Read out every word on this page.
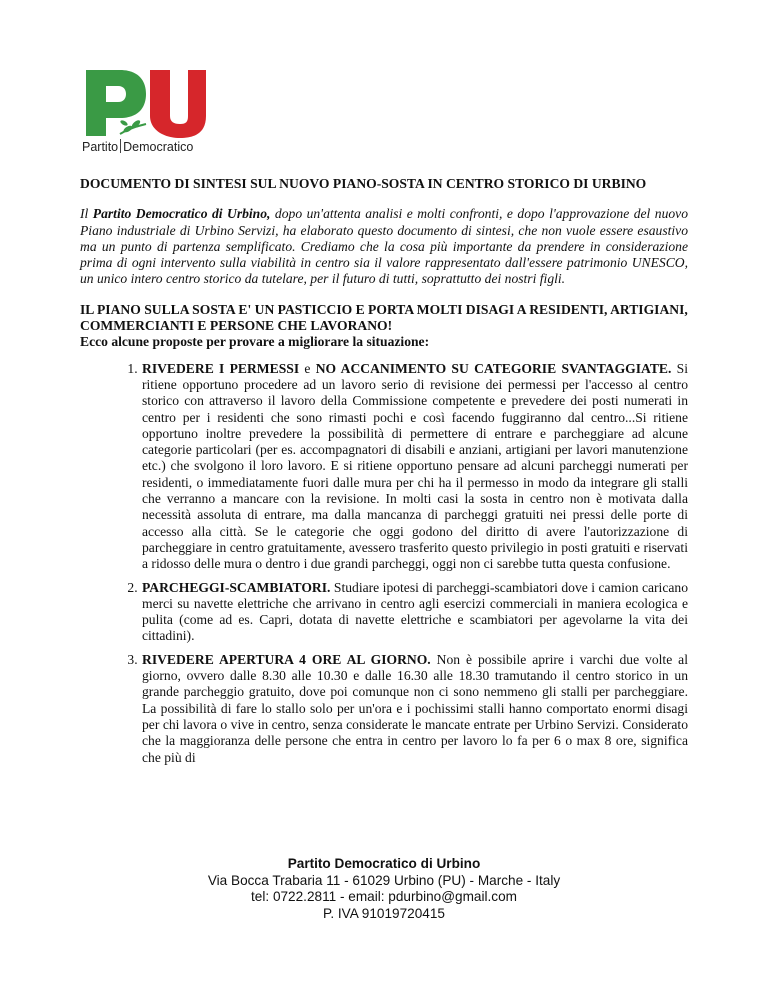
Partito Democratico

DOCUMENTO DI SINTESI SUL NUOVO PIANO-SOSTA IN CENTRO STORICO DI URBINO

Il Partito Democratico di Urbino, dopo un'attenta analisi e molti confronti, e dopo l'approvazione del nuovo Piano industriale di Urbino Servizi, ha elaborato questo documento di sintesi, che non vuole essere esaustivo ma un punto di partenza semplificato. Crediamo che la cosa più importante da prendere in considerazione prima di ogni intervento sulla viabilità in centro sia il valore rappresentato dall'essere patrimonio UNESCO, un unico intero centro storico da tutelare, per il futuro di tutti, soprattutto dei nostri figli.

IL PIANO SULLA SOSTA E' UN PASTICCIO E PORTA MOLTI DISAGI A RESIDENTI, ARTIGIANI, COMMERCIANTI E PERSONE CHE LAVORANO!

Ecco alcune proposte per provare a migliorare la situazione:

1. RIVEDERE I PERMESSI e NO ACCANIMENTO SU CATEGORIE SVANTAGGIATE. Si ritiene opportuno procedere ad un lavoro serio di revisione dei permessi per l'accesso al centro storico con attraverso il lavoro della Commissione competente e prevedere dei posti numerati in centro per i residenti che sono rimasti pochi e così facendo fuggiranno dal centro...Si ritiene opportuno inoltre prevedere la possibilità di permettere di entrare e parcheggiare ad alcune categorie particolari (per es. accompagnatori di disabili e anziani, artigiani per lavori manutenzione etc.) che svolgono il loro lavoro. E si ritiene opportuno pensare ad alcuni parcheggi numerati per residenti, o immediatamente fuori dalle mura per chi ha il permesso in modo da integrare gli stalli che verranno a mancare con la revisione. In molti casi la sosta in centro non è motivata dalla necessità assoluta di entrare, ma dalla mancanza di parcheggi gratuiti nei pressi delle porte di accesso alla città. Se le categorie che oggi godono del diritto di avere l'autorizzazione di parcheggiare in centro gratuitamente, avessero trasferito questo privilegio in posti gratuiti e riservati a ridosso delle mura o dentro i due grandi parcheggi, oggi non ci sarebbe tutta questa confusione.
2. PARCHEGGI-SCAMBIATORI. Studiare ipotesi di parcheggi-scambiatori dove i camion caricano merci su navette elettriche che arrivano in centro agli esercizi commerciali in maniera ecologica e pulita (come ad es. Capri, dotata di navette elettriche e scambiatori per agevolarne la vita dei cittadini).
3. RIVEDERE APERTURA 4 ORE AL GIORNO. Non è possibile aprire i varchi due volte al giorno, ovvero dalle 8.30 alle 10.30 e dalle 16.30 alle 18.30 tramutando il centro storico in un grande parcheggio gratuito, dove poi comunque non ci sono nemmeno gli stalli per parcheggiare. La possibilità di fare lo stallo solo per un'ora e i pochissimi stalli hanno comportato enormi disagi per chi lavora o vive in centro, senza considerate le mancate entrate per Urbino Servizi. Considerato che la maggioranza delle persone che entra in centro per lavoro lo fa per 6 o max 8 ore, significa che più di
Partito Democratico di Urbino
Via Bocca Trabaria 11 - 61029 Urbino (PU) - Marche - Italy
tel: 0722.2811 - email: pdurbino@gmail.com
P. IVA 91019720415
